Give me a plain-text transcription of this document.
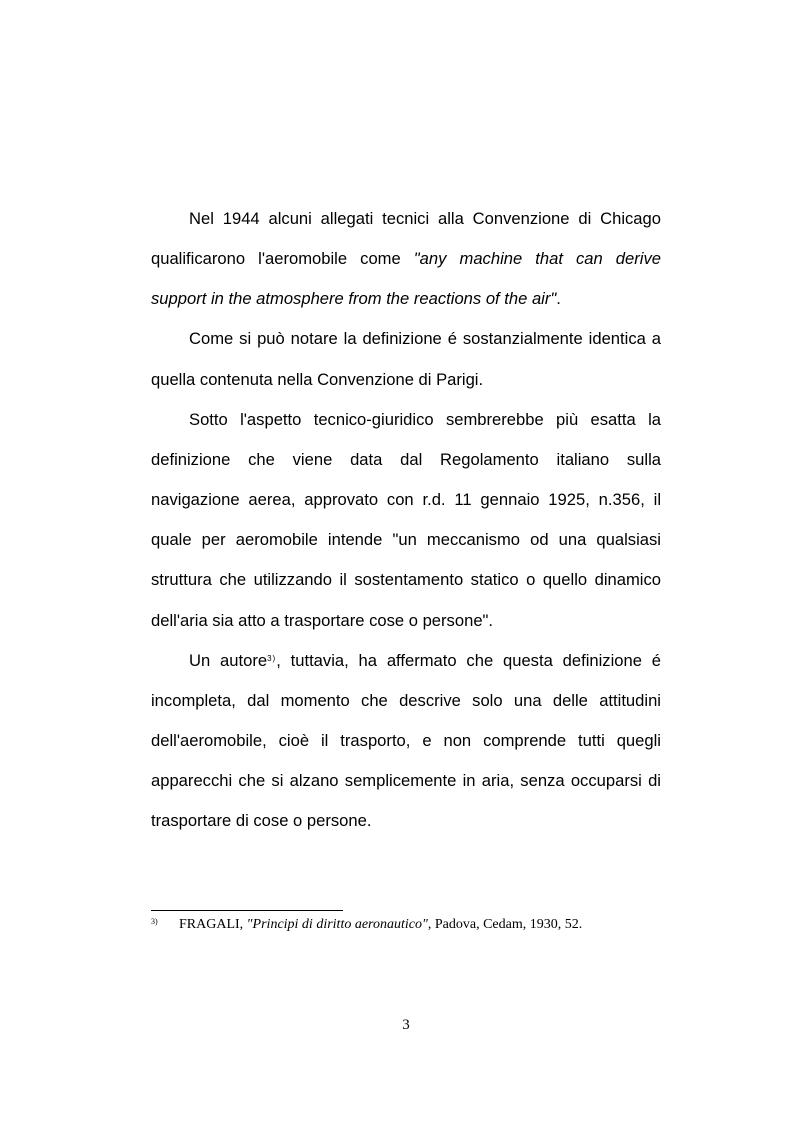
Nel 1944 alcuni allegati tecnici alla Convenzione di Chicago qualificarono l'aeromobile come "any machine that can derive support in the atmosphere from the reactions of the air".

Come si può notare la definizione é sostanzialmente identica a quella contenuta nella Convenzione di Parigi.

Sotto l'aspetto tecnico-giuridico sembrerebbe più esatta la definizione che viene data dal Regolamento italiano sulla navigazione aerea, approvato con r.d. 11 gennaio 1925, n.356, il quale per aeromobile intende "un meccanismo od una qualsiasi struttura che utilizzando il sostentamento statico o quello dinamico dell'aria sia atto a trasportare cose o persone".

Un autore$^{3)}$, tuttavia, ha affermato che questa definizione é incompleta, dal momento che descrive solo una delle attitudini dell'aeromobile, cioè il trasporto, e non comprende tutti quegli apparecchi che si alzano semplicemente in aria, senza occuparsi di trasportare di cose o persone.

3) FRAGALI, "Principi di diritto aeronautico", Padova, Cedam, 1930, 52.
3
